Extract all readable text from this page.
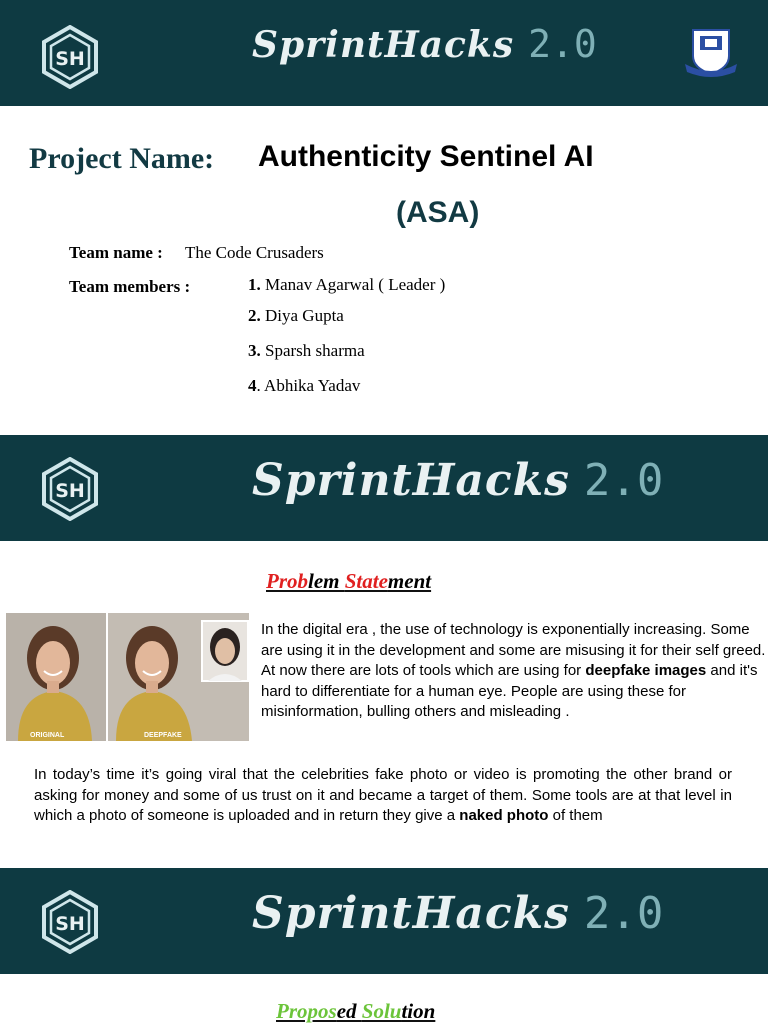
SH	SprintHacks 2.0
Project Name: Authenticity Sentinel AI
(ASA)
Team name : The Code Crusaders
Team members :	1. Manav Agarwal ( Leader )
2. Diya Gupta
3. Sparsh sharma
4. Abhika Yadav
SH	SprintHacks 2.0
Problem Statement
ORIGINAL	DEEPFAKE
In the digital era , the use of technology is exponentially increasing. Some are using it in the development and some are misusing it for their self greed. At now there are lots of tools which are using for deepfake images and it's hard to differentiate for a human eye. People are using these for misinformation, bulling others and misleading .
In today’s time it’s going viral that the celebrities fake photo or video is promoting the other brand or asking for money and some of us trust on it and became a target of them. Some tools are at that level in which a photo of someone is uploaded and in return they give a naked photo of them
SH	SprintHacks 2.0
Proposed Solution
